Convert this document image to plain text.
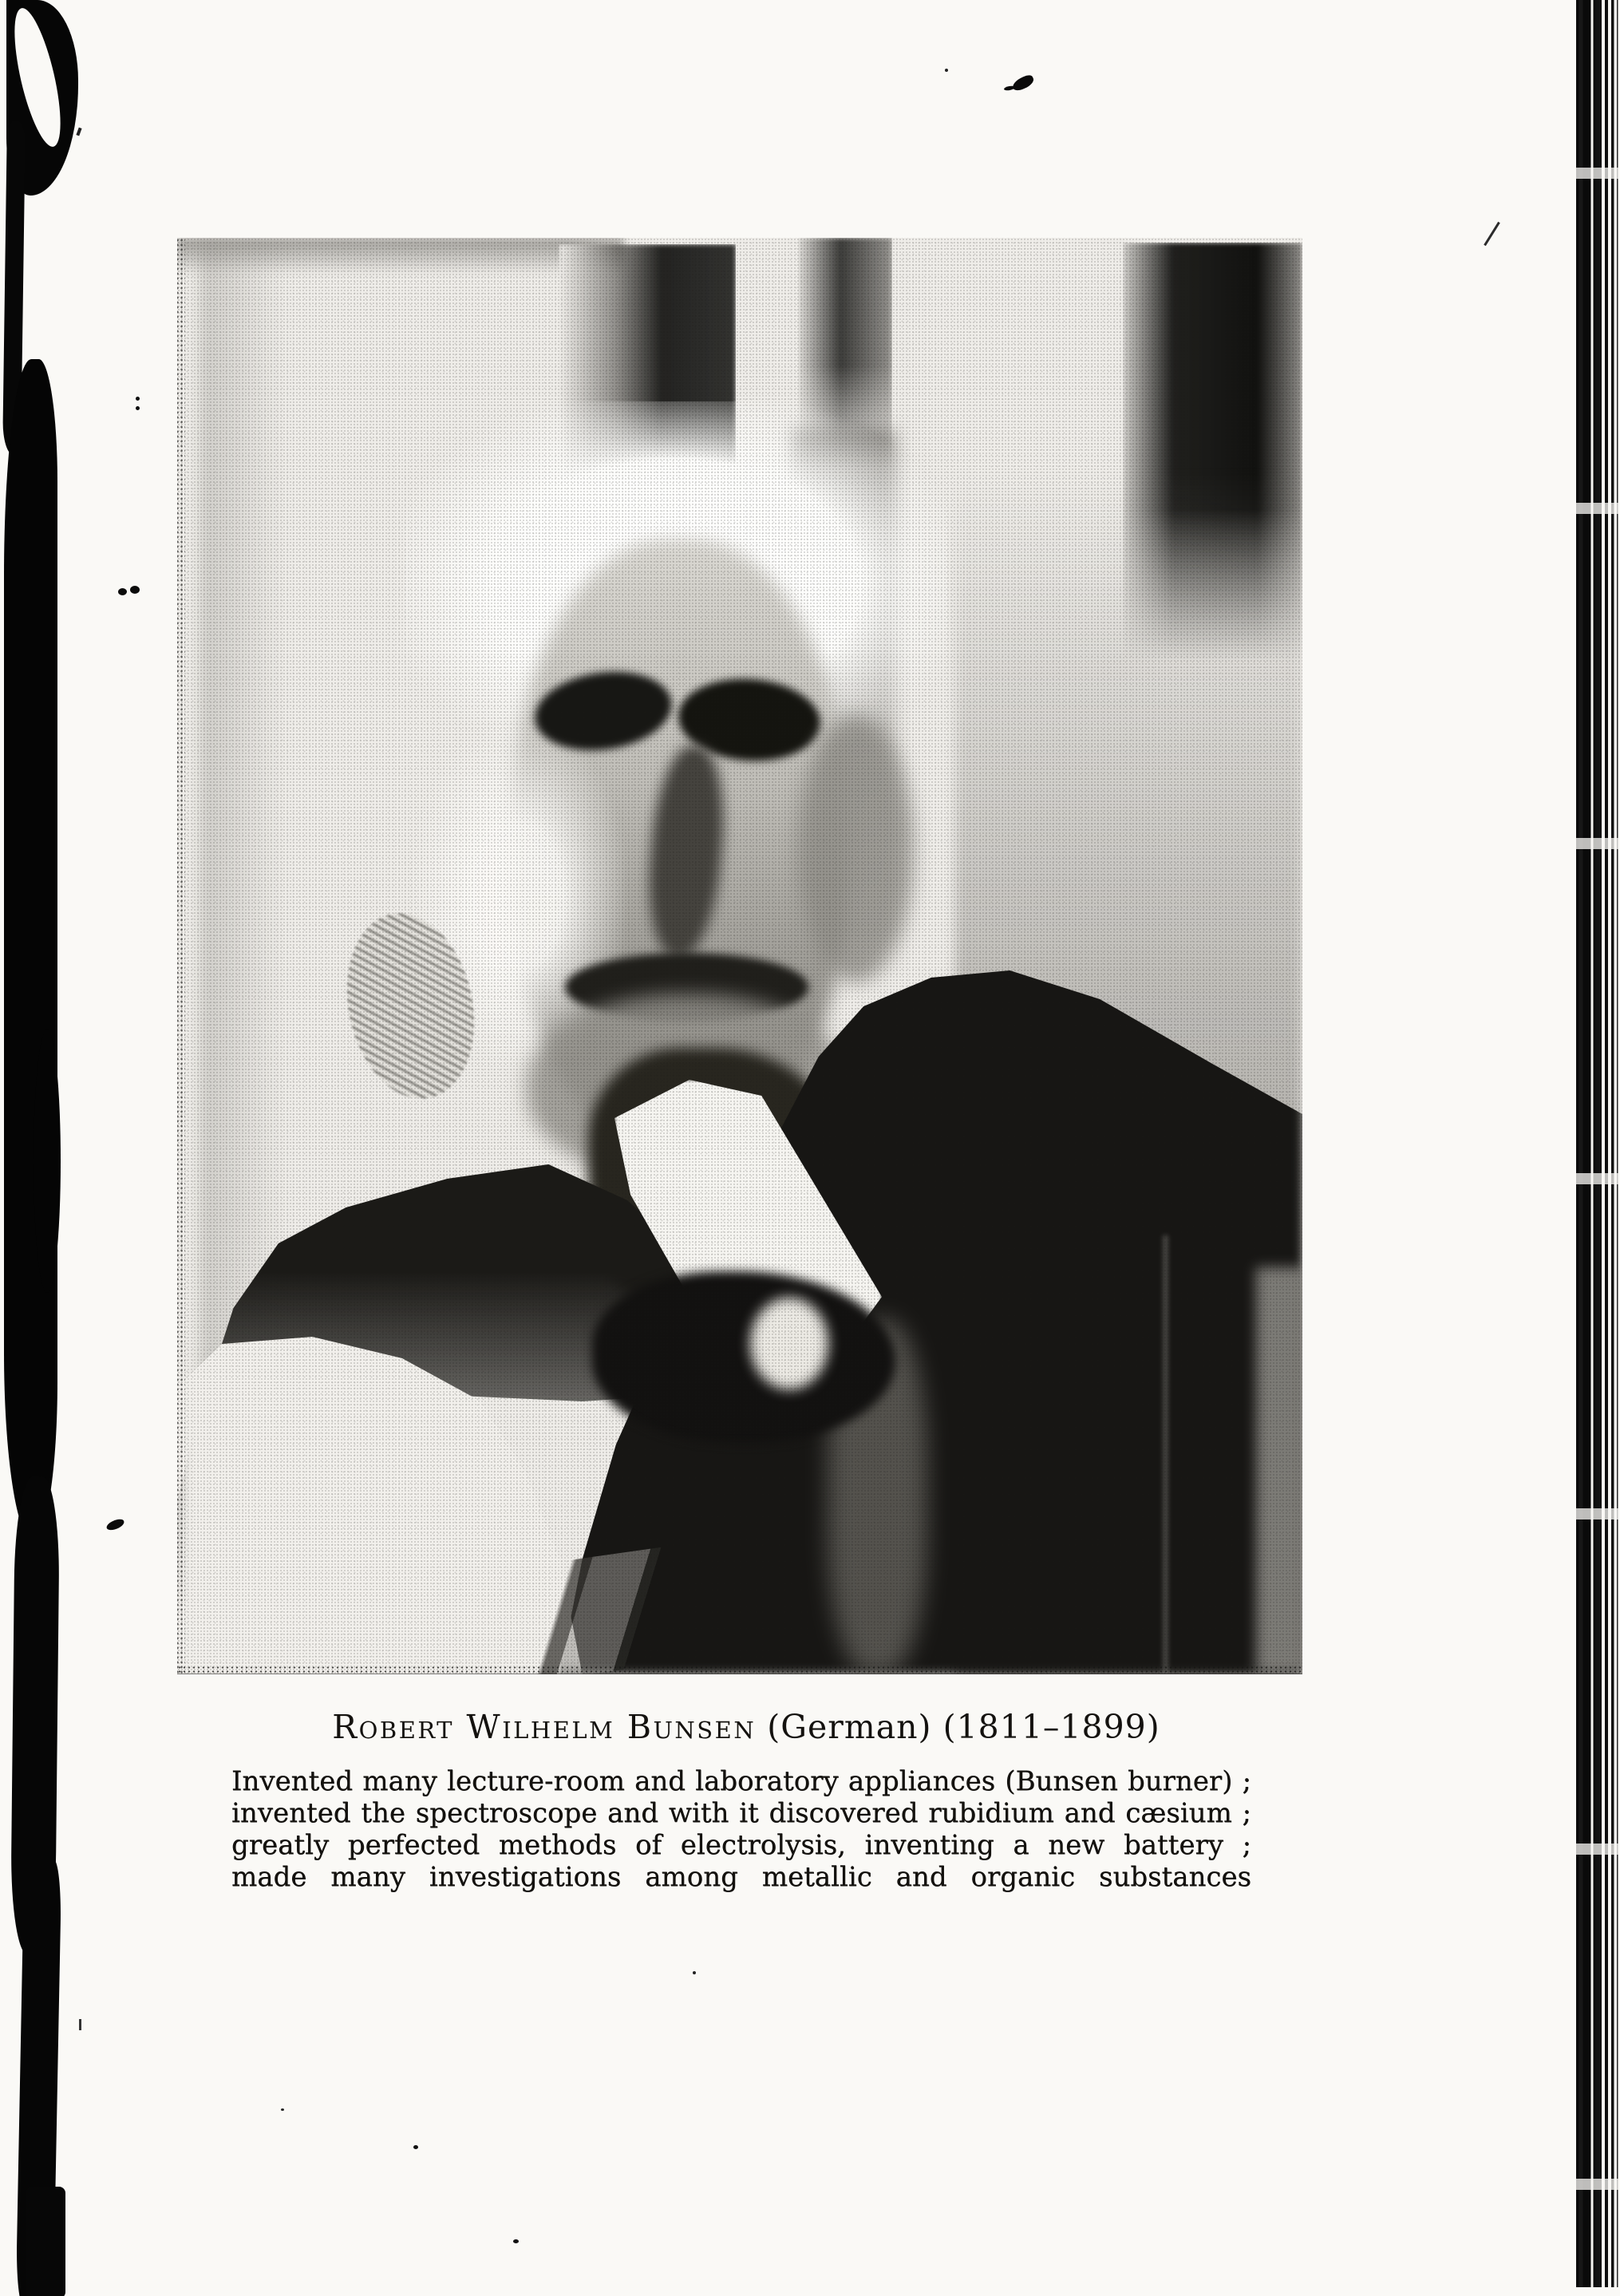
Robert Wilhelm Bunsen (German) (1811–1899)
Invented many lecture-room and laboratory appliances (Bunsen burner) ;
invented the spectroscope and with it discovered rubidium and cæsium ;
greatly perfected methods of electrolysis, inventing a new battery ;
made many investigations among metallic and organic substances
